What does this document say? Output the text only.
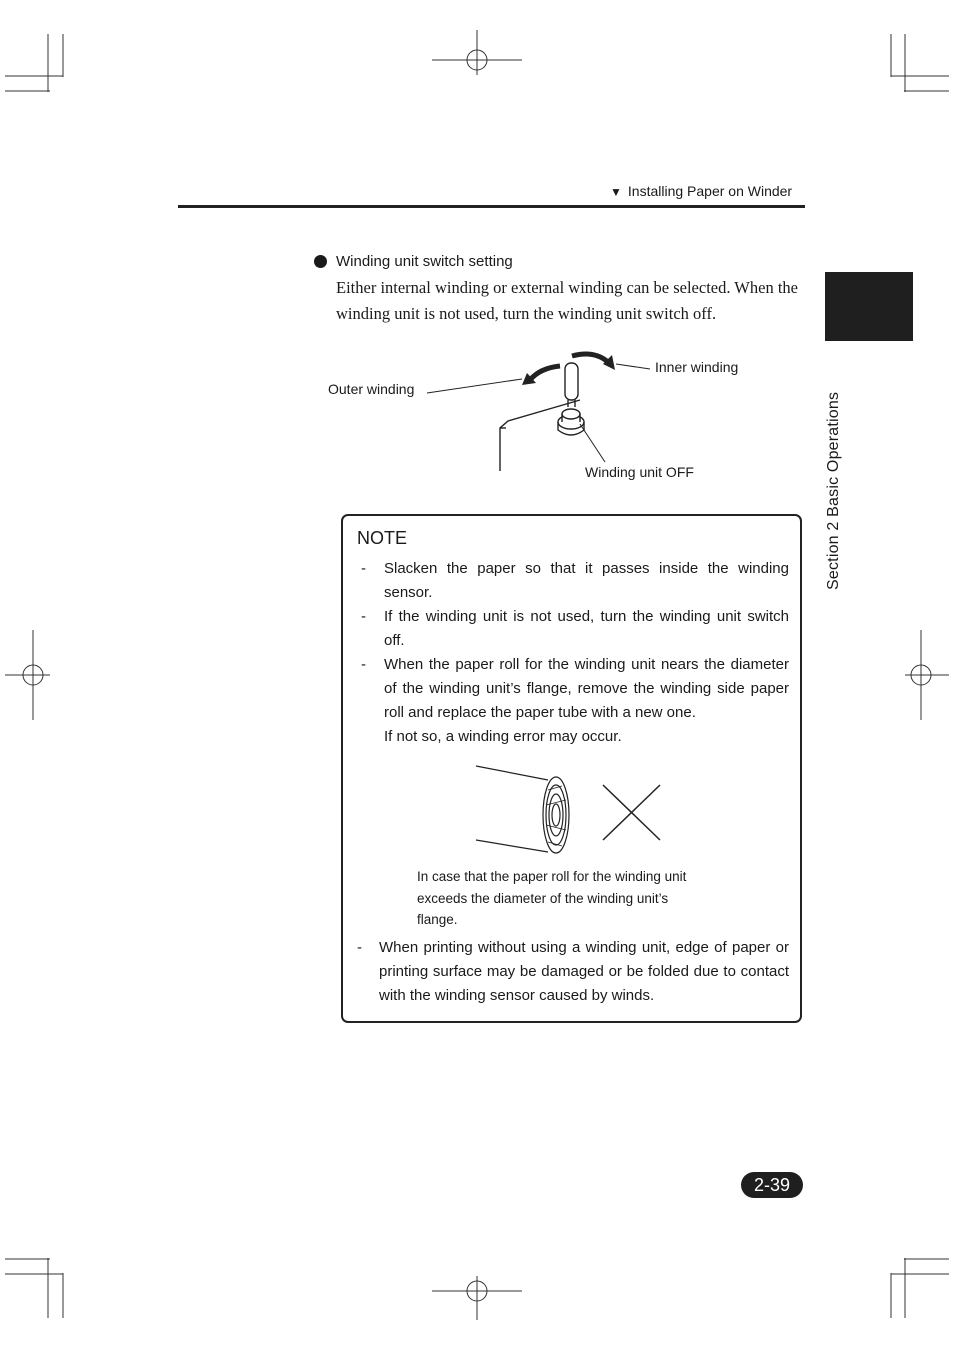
▼ Installing Paper on Winder
Section 2 Basic Operations
Winding unit switch setting
Either internal winding or external winding can be selected. When the winding unit is not used, turn the winding unit switch off.
Outer winding
Inner winding
Winding unit OFF
NOTE
-	Slacken the paper so that it passes inside the winding sensor.
-	If the winding unit is not used, turn the winding unit switch off.
-	When the paper roll for the winding unit nears the diameter of the winding unit’s flange, remove the winding side paper roll and replace the paper tube with a new one.
If not so, a winding error may occur.
In case that the paper roll for the winding unit exceeds the diameter of the winding unit’s flange.
-	When printing without using a winding unit, edge of paper or printing surface may be damaged or be folded due to contact with the winding sensor caused by winds.
2-39
